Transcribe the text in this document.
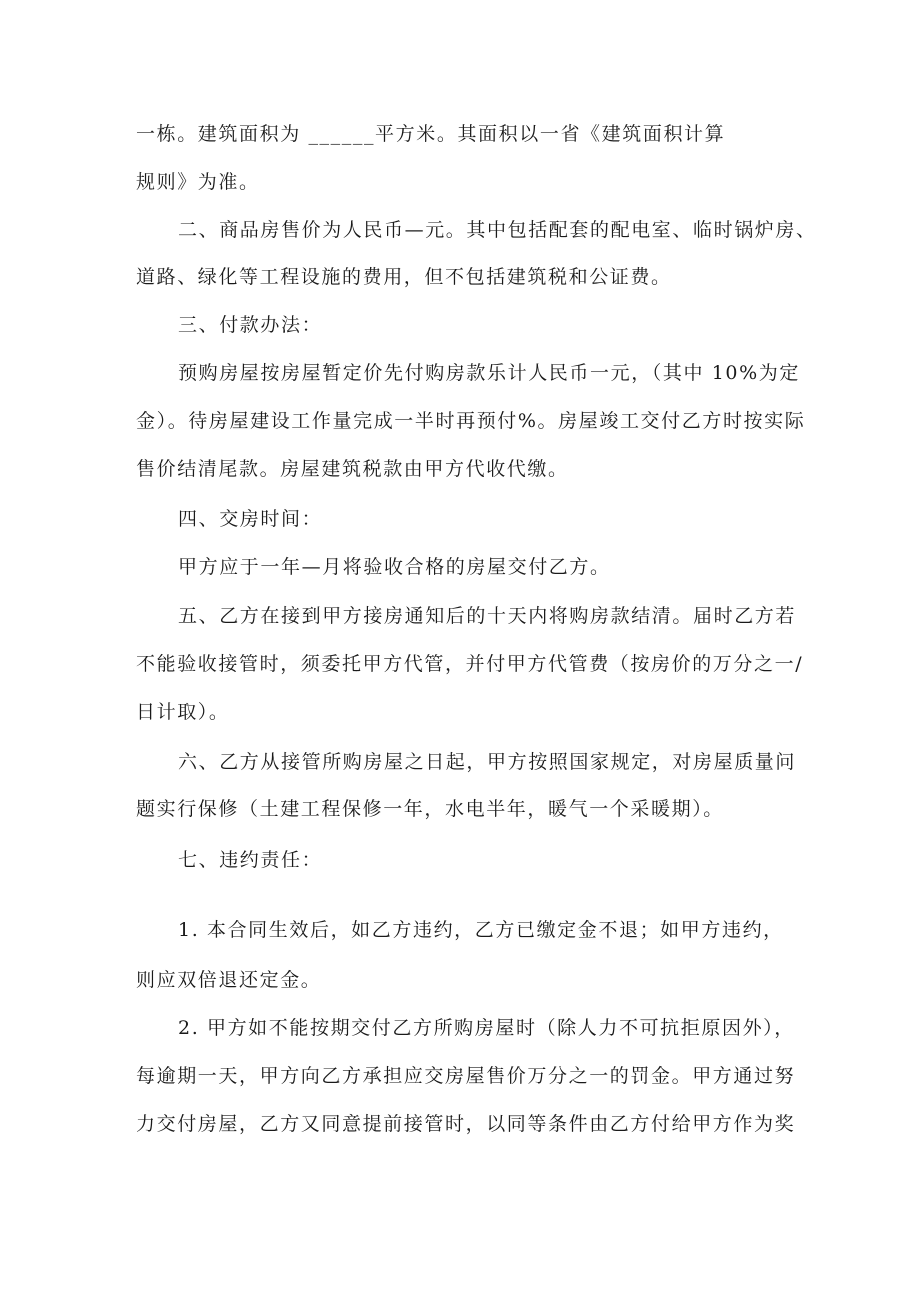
一栋。建筑面积为 ______平方米。其面积以一省《建筑面积计算
规则》为准。
二、商品房售价为人民币—元。其中包括配套的配电室、临时锅炉房、
道路、绿化等工程设施的费用，但不包括建筑税和公证费。
三、付款办法：
预购房屋按房屋暂定价先付购房款乐计人民币一元，（其中 10%为定
金）。待房屋建设工作量完成一半时再预付%。房屋竣工交付乙方时按实际
售价结清尾款。房屋建筑税款由甲方代收代缴。
四、交房时间：
甲方应于一年—月将验收合格的房屋交付乙方。
五、乙方在接到甲方接房通知后的十天内将购房款结清。届时乙方若
不能验收接管时，须委托甲方代管，并付甲方代管费（按房价的万分之一/
日计取）。
六、乙方从接管所购房屋之日起，甲方按照国家规定，对房屋质量问
题实行保修（土建工程保修一年，水电半年，暖气一个采暖期）。
七、违约责任：
1. 本合同生效后，如乙方违约，乙方已缴定金不退；如甲方违约，
则应双倍退还定金。
2. 甲方如不能按期交付乙方所购房屋时（除人力不可抗拒原因外），
每逾期一天，甲方向乙方承担应交房屋售价万分之一的罚金。甲方通过努
力交付房屋，乙方又同意提前接管时，以同等条件由乙方付给甲方作为奖
